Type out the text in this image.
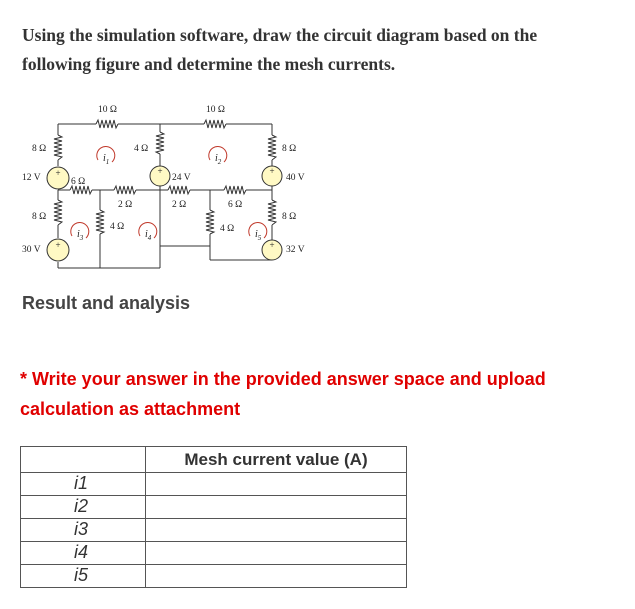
Using the simulation software, draw the circuit diagram based on the
following figure and determine the mesh currents.
+	+	+
+	+
$i_1$	$i_2$
$i_3$	$i_4$	$i_5$
10 Ω	10 Ω
8 Ω	4 Ω	8 Ω
12 V	6 Ω	24 V	40 V
2 Ω	2 Ω	6 Ω
8 Ω
4 Ω	4 Ω
8 Ω
30 V	32 V
Result and analysis
* Write your answer in the provided answer space and upload calculation as attachment
	Mesh current value (A)

i1
i2
i3
i4
i5
